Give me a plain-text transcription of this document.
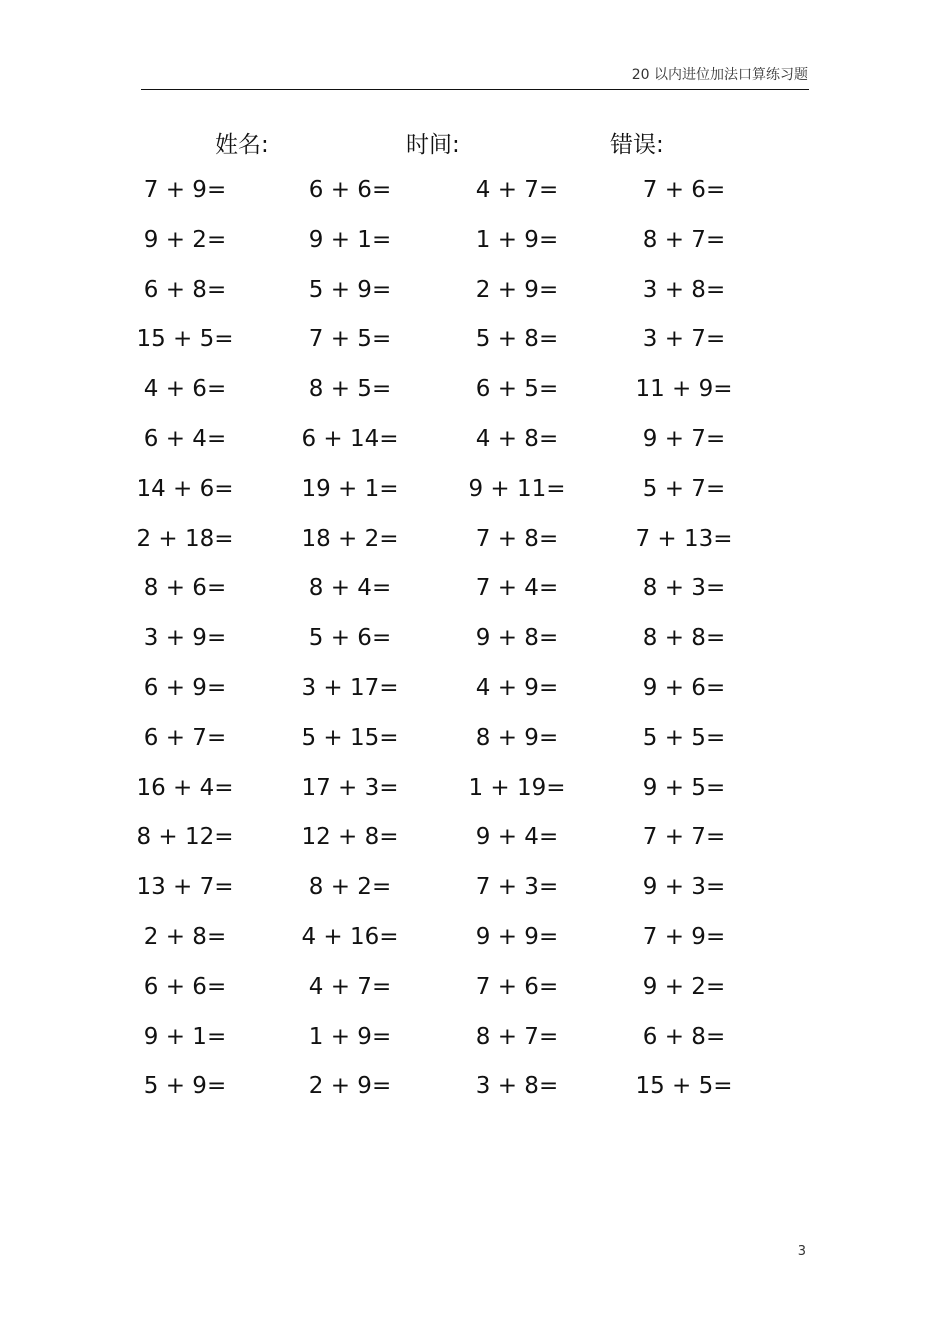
20 以内进位加法口算练习题
姓名:	时间:	错误:
7 + 9=	6 + 6=	4 + 7=	7 + 6=
9 + 2=	9 + 1=	1 + 9=	8 + 7=
6 + 8=	5 + 9=	2 + 9=	3 + 8=
15 + 5=	7 + 5=	5 + 8=	3 + 7=
4 + 6=	8 + 5=	6 + 5=	11 + 9=
6 + 4=	6 + 14=	4 + 8=	9 + 7=
14 + 6=	19 + 1=	9 + 11=	5 + 7=
2 + 18=	18 + 2=	7 + 8=	7 + 13=
8 + 6=	8 + 4=	7 + 4=	8 + 3=
3 + 9=	5 + 6=	9 + 8=	8 + 8=
6 + 9=	3 + 17=	4 + 9=	9 + 6=
6 + 7=	5 + 15=	8 + 9=	5 + 5=
16 + 4=	17 + 3=	1 + 19=	9 + 5=
8 + 12=	12 + 8=	9 + 4=	7 + 7=
13 + 7=	8 + 2=	7 + 3=	9 + 3=
2 + 8=	4 + 16=	9 + 9=	7 + 9=
6 + 6=	4 + 7=	7 + 6=	9 + 2=
9 + 1=	1 + 9=	8 + 7=	6 + 8=
5 + 9=	2 + 9=	3 + 8=	15 + 5=
3
